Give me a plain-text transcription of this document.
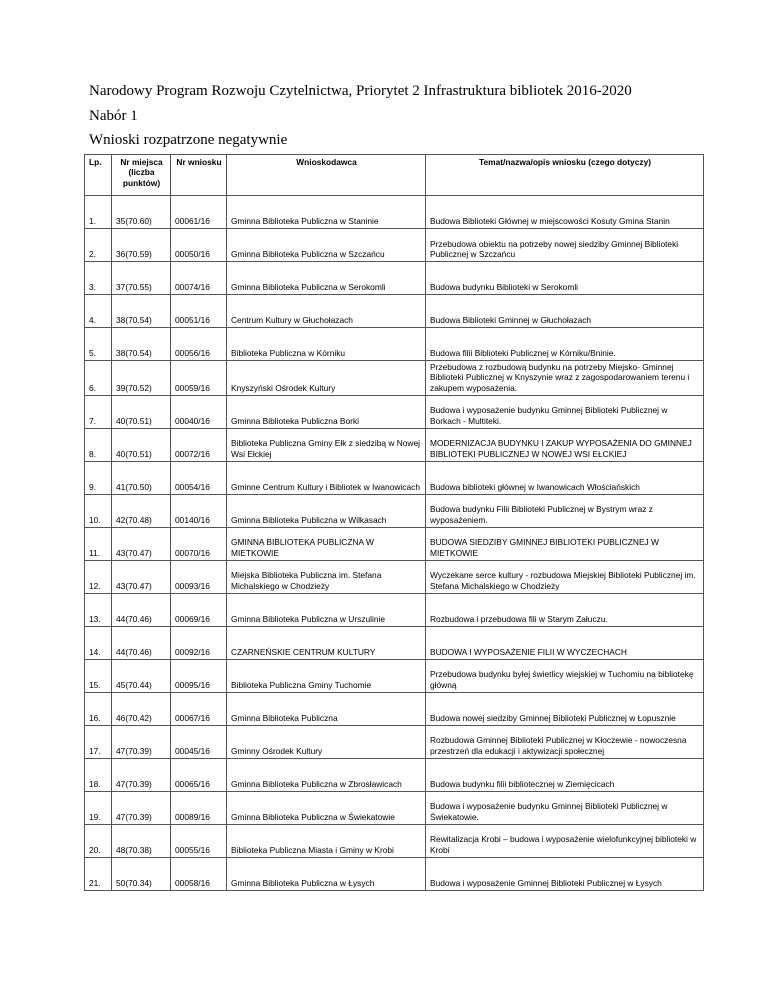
Narodowy Program Rozwoju Czytelnictwa, Priorytet 2 Infrastruktura bibliotek 2016-2020
Nabór 1
Wnioski rozpatrzone negatywnie
Lp.	Nr miejsca (liczba punktów)	Nr wniosku	Wnioskodawca	Temat/nazwa/opis wniosku (czego dotyczy)
1.	35(70.60)	00061/16	Gminna Biblioteka Publiczna w Staninie	Budowa Biblioteki Głównej w miejscowości Kosuty Gmina Stanin
2.	36(70.59)	00050/16	Gminna Biblioteka Publiczna w Szczańcu	Przebudowa obiektu na potrzeby nowej siedziby Gminnej Biblioteki Publicznej w Szczańcu
3.	37(70.55)	00074/16	Gminna Biblioteka Publiczna w Serokomli	Budowa budynku Biblioteki w Serokomli
4.	38(70.54)	00051/16	Centrum Kultury w Głuchołazach	Budowa Biblioteki Gminnej w Głuchołazach
5.	38(70.54)	00056/16	Biblioteka Publiczna w Kórniku	Budowa filii Biblioteki Publicznej w Kórniku/Bninie.
6.	39(70.52)	00059/16	Knyszyński Ośrodek Kultury	Przebudowa z rozbudową budynku na potrzeby Miejsko- Gminnej Biblioteki Publicznej w Knyszynie wraz z zagospodarowaniem terenu i zakupem wyposażenia.
7.	40(70.51)	00040/16	Gminna Biblioteka Publiczna Borki	Budowa i wyposażenie budynku Gminnej Biblioteki Publicznej w Borkach - Multiteki.
8.	40(70.51)	00072/16	Biblioteka Publiczna Gminy Ełk z siedzibą w Nowej Wsi Ełckiej	MODERNIZACJA BUDYNKU I ZAKUP WYPOSAŻENIA DO GMINNEJ BIBLIOTEKI PUBLICZNEJ W NOWEJ WSI EŁCKIEJ
9.	41(70.50)	00054/16	Gminne Centrum Kultury i Bibliotek w Iwanowicach	Budowa biblioteki głównej w Iwanowicach Włościańskich
10.	42(70.48)	00140/16	Gminna Biblioteka Publiczna w Wilkasach	Budowa budynku Filii Biblioteki Publicznej w Bystrym wraz z wyposażeniem.
11.	43(70.47)	00070/16	GMINNA BIBLIOTEKA PUBLICZNA W MIETKOWIE	BUDOWA SIEDZIBY GMINNEJ BIBLIOTEKI PUBLICZNEJ W MIETKOWIE
12.	43(70.47)	00093/16	Miejska Biblioteka Publiczna im. Stefana Michalskiego w Chodzieży	Wyczekane serce kultury - rozbudowa Miejskiej Biblioteki Publicznej im. Stefana Michalskiego w Chodzieży
13.	44(70.46)	00069/16	Gminna Biblioteka Publiczna w Urszulinie	Rozbudowa i przebudowa fili w Starym Załuczu.
14.	44(70.46)	00092/16	CZARNEŃSKIE CENTRUM KULTURY	BUDOWA I WYPOSAŻENIE FILII W WYCZECHACH
15.	45(70.44)	00095/16	Biblioteka Publiczna Gminy Tuchomie	Przebudowa budynku byłej świetlicy wiejskiej w Tuchomiu na bibliotekę główną
16.	46(70.42)	00067/16	Gminna Biblioteka Publiczna	Budowa nowej siedziby Gminnej Biblioteki Publicznej w Łopusznie
17.	47(70.39)	00045/16	Gminny Ośrodek Kultury	Rozbudowa Gminnej Biblioteki Publicznej w Kłoczewie - nowoczesna przestrzeń dla edukacji i aktywizacji społecznej
18.	47(70.39)	00065/16	Gminna Biblioteka Publiczna w Zbrosławicach	Budowa budynku filii bibliotecznej w Ziemięcicach
19.	47(70.39)	00089/16	Gminna Biblioteka Publiczna w Świekatowie	Budowa i wyposażenie budynku Gminnej Biblioteki Publicznej w Świekatowie.
20.	48(70.38)	00055/16	Biblioteka Publiczna Miasta i Gminy w Krobi	Rewitalizacja Krobi – budowa i wyposażenie wielofunkcyjnej biblioteki w Krobi
21.	50(70.34)	00058/16	Gminna Biblioteka Publiczna w Łysych	Budowa i wyposażenie Gminnej Biblioteki Publicznej w Łysych
